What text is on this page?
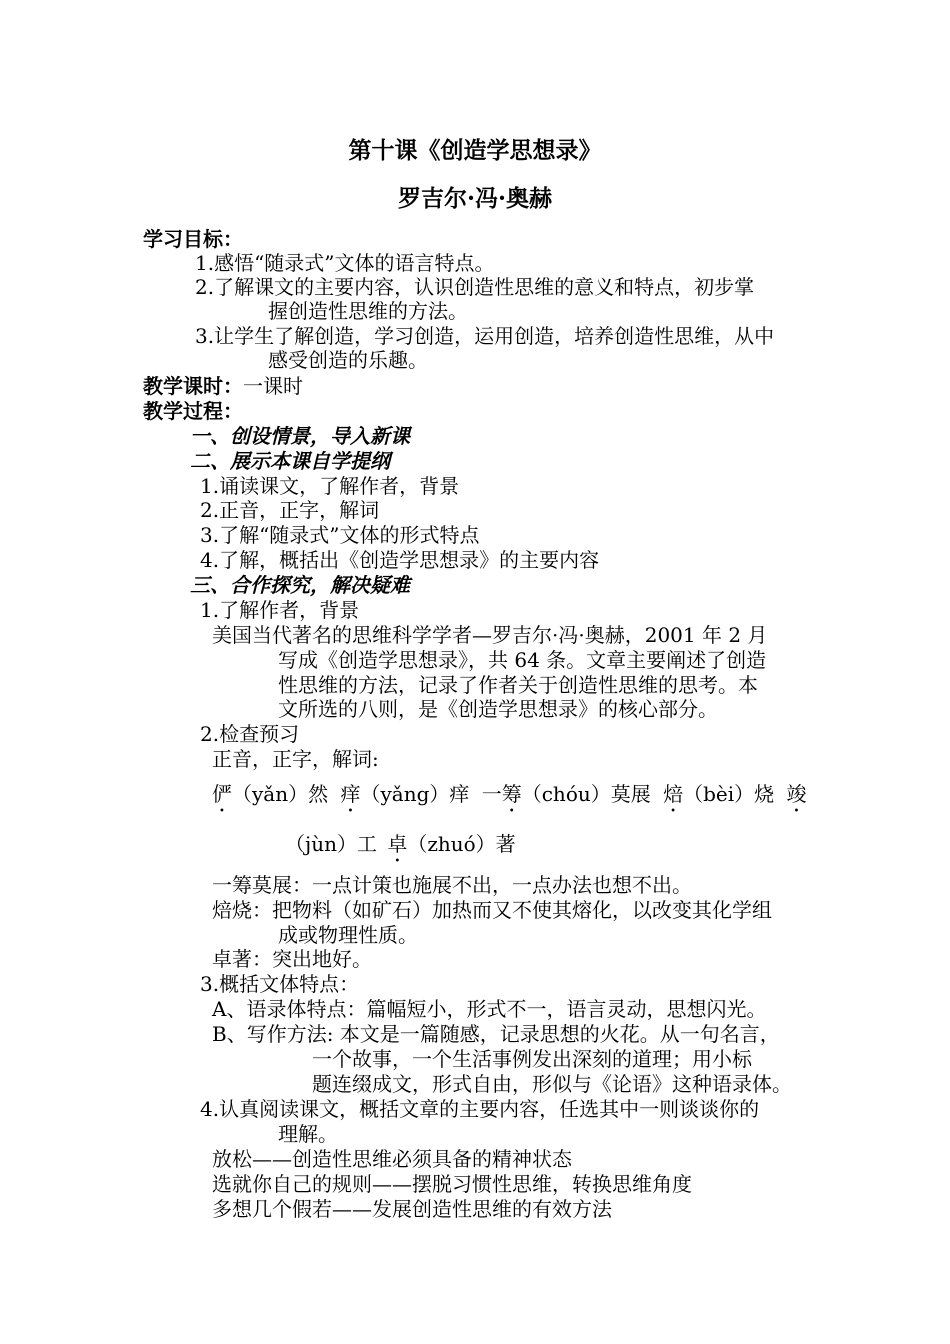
第十课《创造学思想录》
罗吉尔·冯·奥赫
学习目标：
1.感悟“随录式”文体的语言特点。
2.了解课文的主要内容，认识创造性思维的意义和特点，初步掌
握创造性思维的方法。
3.让学生了解创造，学习创造，运用创造，培养创造性思维，从中
感受创造的乐趣。
教学课时：一课时
教学过程：
一、创设情景，导入新课
二、展示本课自学提纲
1.诵读课文，了解作者，背景
2.正音，正字，解词
3.了解“随录式”文体的形式特点
4.了解，概括出《创造学思想录》的主要内容
三、合作探究，解决疑难
1.了解作者，背景
美国当代著名的思维科学学者—罗吉尔·冯·奥赫，2001 年 2 月
写成《创造学思想录》，共 64 条。文章主要阐述了创造
性思维的方法，记录了作者关于创造性思维的思考。本
文所选的八则，是《创造学思想录》的核心部分。
2.检查预习
正音，正字，解词:
俨（yǎn）然 痒（yǎng）痒 一筹（chóu）莫展 焙（bèi）烧 竣
（jùn）工 卓（zhuó）著
一筹莫展：一点计策也施展不出，一点办法也想不出。
焙烧：把物料（如矿石）加热而又不使其熔化，以改变其化学组
成或物理性质。
卓著：突出地好。
3.概括文体特点：
A、语录体特点：篇幅短小，形式不一，语言灵动，思想闪光。
B、写作方法: 本文是一篇随感，记录思想的火花。从一句名言，
一个故事，一个生活事例发出深刻的道理；用小标
题连缀成文，形式自由，形似与《论语》这种语录体。
4.认真阅读课文，概括文章的主要内容，任选其中一则谈谈你的
理解。
放松——创造性思维必须具备的精神状态
选就你自己的规则——摆脱习惯性思维，转换思维角度
多想几个假若——发展创造性思维的有效方法
